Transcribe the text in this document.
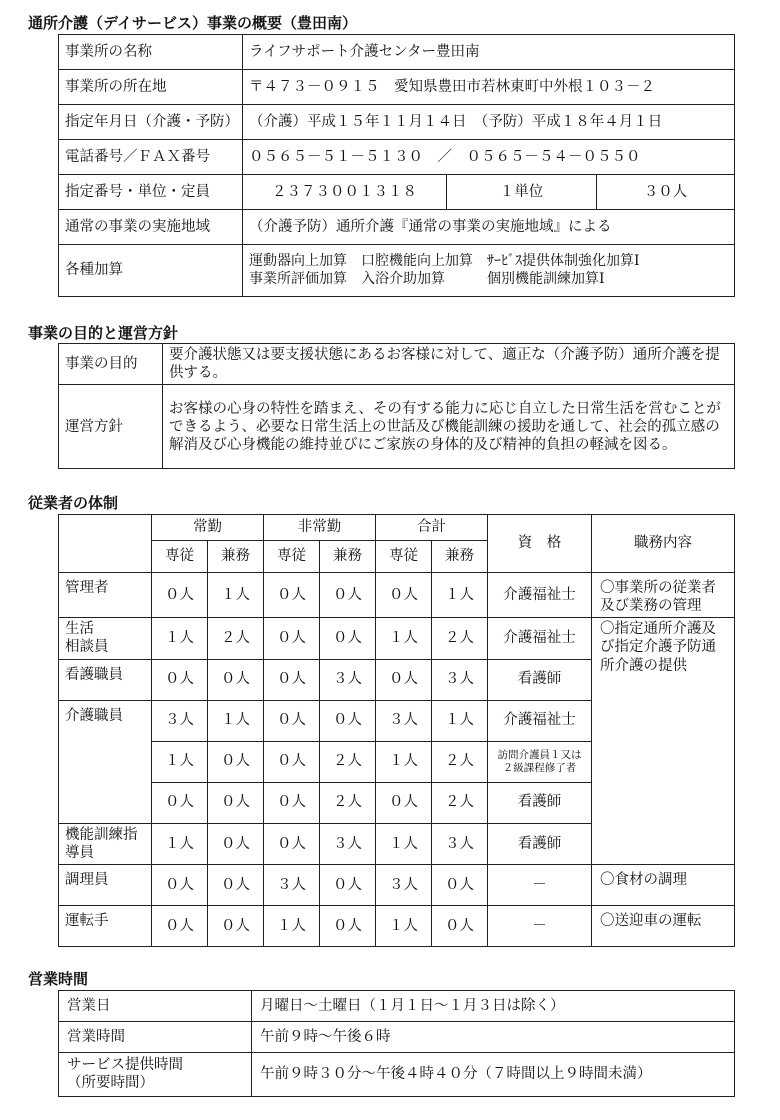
通所介護（デイサービス）事業の概要（豊田南）
事業所の名称	ライフサポート介護センター豊田南		
事業所の所在地	〒４７３－０９１５　愛知県豊田市若林東町中外根１０３－２		
指定年月日（介護・予防）	（介護）平成１５年１１月１４日　（予防）平成１８年４月１日		
電話番号／ＦＡＸ番号	０５６５－５１－５１３０　／　０５６５－５４－０５５０		
指定番号・単位・定員	２３７３００１３１８	１単位	３０人
通常の事業の実施地域	（介護予防）通所介護『通常の事業の実施地域』による		
各種加算	運動器向上加算　口腔機能向上加算　ｻｰﾋﾞｽ提供体制強化加算Ⅰ
事業所評価加算　入浴介助加算　　　個別機能訓練加算Ⅰ		
事業の目的と運営方針
事業の目的	要介護状態又は要支援状態にあるお客様に対して、適正な（介護予防）通所介護を提供する。
運営方針	お客様の心身の特性を踏まえ、その有する能力に応じ自立した日常生活を営むことができるよう、必要な日常生活上の世話及び機能訓練の援助を通して、社会的孤立感の解消及び心身機能の維持並びにご家族の身体的及び精神的負担の軽減を図る。
従業者の体制
	常勤		非常勤		合計		資　格	職務内容
	専従	兼務	専従	兼務	専従	兼務		
管理者	０人	１人	０人	０人	０人	１人	介護福祉士	〇事業所の従業者及び業務の管理
生活
相談員	１人	２人	０人	０人	１人	２人	介護福祉士	〇指定通所介護及び指定介護予防通所介護の提供
看護職員	０人	０人	０人	３人	０人	３人	看護師	
介護職員	３人	１人	０人	０人	３人	１人	介護福祉士	
	１人	０人	０人	２人	１人	２人	訪問介護員１又は
２級課程修了者	
	０人	０人	０人	２人	０人	２人	看護師	
機能訓練指
導員	１人	０人	０人	３人	１人	３人	看護師	
調理員	０人	０人	３人	０人	３人	０人	－	〇食材の調理
運転手	０人	０人	１人	０人	１人	０人	－	〇送迎車の運転
営業時間
営業日	月曜日～土曜日（１月１日～１月３日は除く）
営業時間	午前９時～午後６時
サービス提供時間
（所要時間）	午前９時３０分～午後４時４０分（７時間以上９時間未満）
